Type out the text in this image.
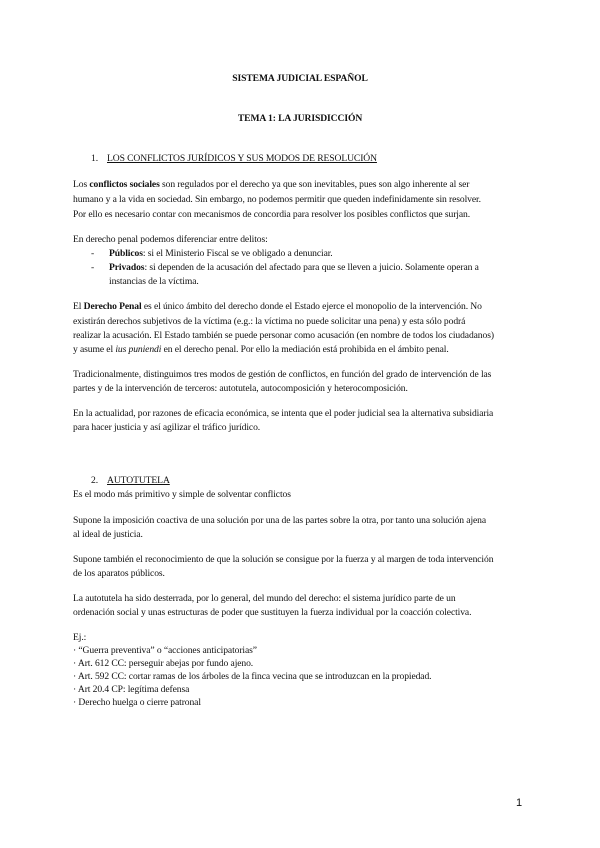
SISTEMA JUDICIAL ESPAÑOL
TEMA 1: LA JURISDICCIÓN
1. LOS CONFLICTOS JURÍDICOS Y SUS MODOS DE RESOLUCIÓN
Los conflictos sociales son regulados por el derecho ya que son inevitables, pues son algo inherente al ser
humano y a la vida en sociedad. Sin embargo, no podemos permitir que queden indefinidamente sin resolver.
Por ello es necesario contar con mecanismos de concordia para resolver los posibles conflictos que surjan.
En derecho penal podemos diferenciar entre delitos:
- Públicos: si el Ministerio Fiscal se ve obligado a denunciar.
- Privados: si dependen de la acusación del afectado para que se lleven a juicio. Solamente operan a
instancias de la víctima.
El Derecho Penal es el único ámbito del derecho donde el Estado ejerce el monopolio de la intervención. No
existirán derechos subjetivos de la víctima (e.g.: la víctima no puede solicitar una pena) y esta sólo podrá
realizar la acusación. El Estado también se puede personar como acusación (en nombre de todos los ciudadanos)
y asume el ius puniendi en el derecho penal. Por ello la mediación está prohibida en el ámbito penal.
Tradicionalmente, distinguimos tres modos de gestión de conflictos, en función del grado de intervención de las
partes y de la intervención de terceros: autotutela, autocomposición y heterocomposición.
En la actualidad, por razones de eficacia económica, se intenta que el poder judicial sea la alternativa subsidiaria
para hacer justicia y así agilizar el tráfico jurídico.
2. AUTOTUTELA
Es el modo más primitivo y simple de solventar conflictos
Supone la imposición coactiva de una solución por una de las partes sobre la otra, por tanto una solución ajena
al ideal de justicia.
Supone también el reconocimiento de que la solución se consigue por la fuerza y al margen de toda intervención
de los aparatos públicos.
La autotutela ha sido desterrada, por lo general, del mundo del derecho: el sistema jurídico parte de un
ordenación social y unas estructuras de poder que sustituyen la fuerza individual por la coacción colectiva.
Ej.:
· “Guerra preventiva” o “acciones anticipatorias”
· Art. 612 CC: perseguir abejas por fundo ajeno.
· Art. 592 CC: cortar ramas de los árboles de la finca vecina que se introduzcan en la propiedad.
· Art 20.4 CP: legítima defensa
· Derecho huelga o cierre patronal
1
